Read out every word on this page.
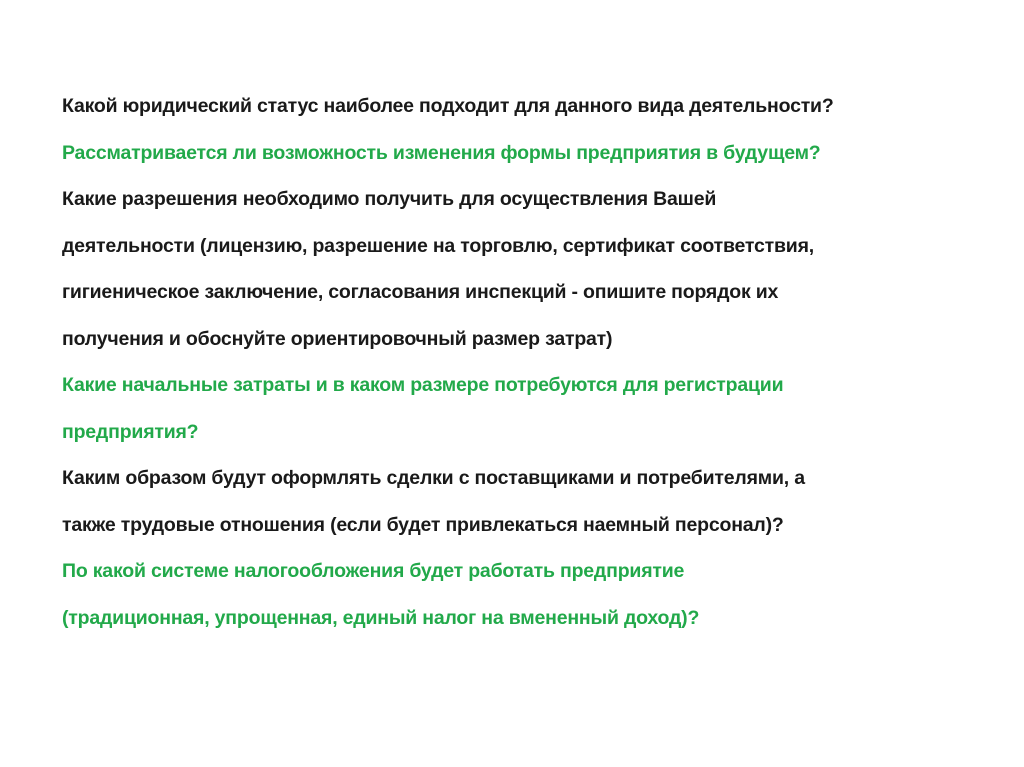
Какой юридический статус наиболее подходит для данного вида деятельности?

Рассматривается ли возможность изменения формы предприятия в будущем?

Какие разрешения необходимо получить для осуществления Вашей

деятельности (лицензию, разрешение на торговлю, сертификат соответствия,

гигиеническое заключение, согласования инспекций - опишите порядок их

получения и обоснуйте ориентировочный размер затрат)

Какие начальные затраты и в каком размере потребуются для регистрации

предприятия?

Каким образом будут оформлять сделки с поставщиками и потребителями, а

также трудовые отношения (если будет привлекаться наемный персонал)?

По какой системе налогообложения будет работать предприятие

(традиционная, упрощенная, единый налог на вмененный доход)?
